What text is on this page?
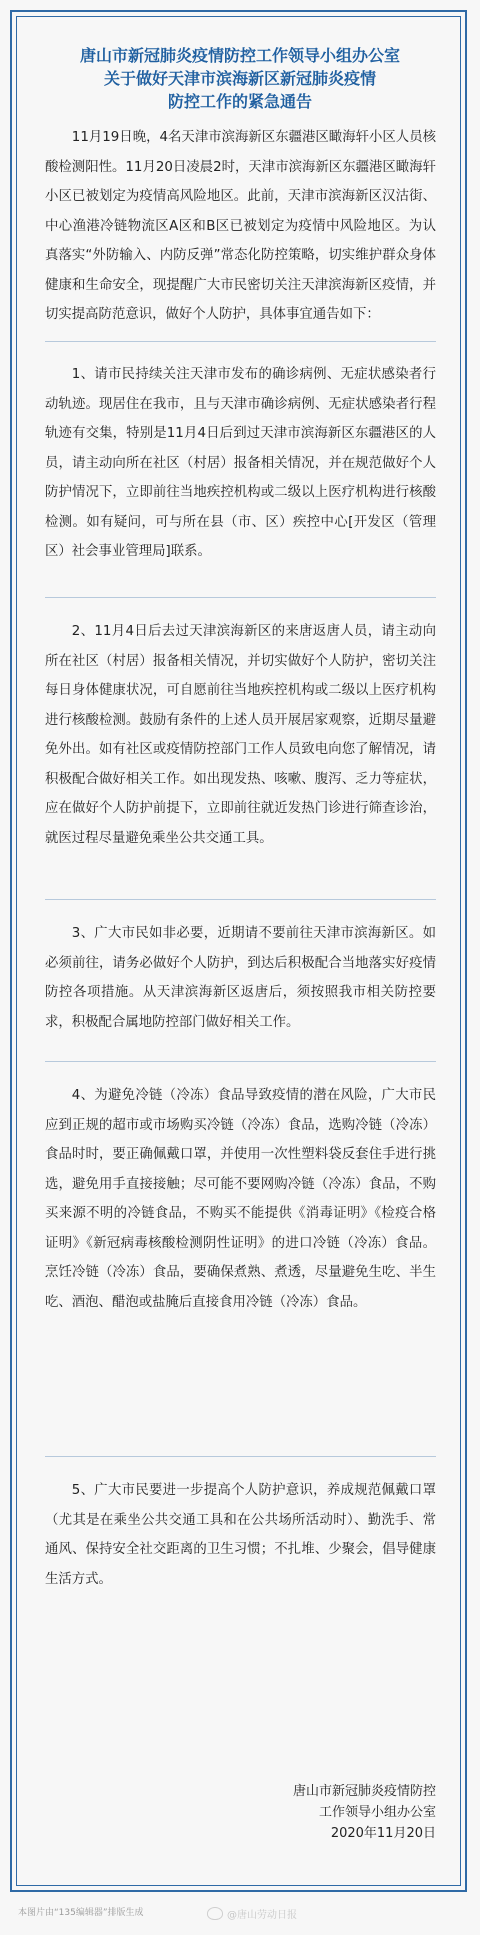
唐山市新冠肺炎疫情防控工作领导小组办公室
关于做好天津市滨海新区新冠肺炎疫情
防控工作的紧急通告
11月19日晚，4名天津市滨海新区东疆港区瞰海轩小区人员核酸检测阳性。11月20日凌晨2时，天津市滨海新区东疆港区瞰海轩小区已被划定为疫情高风险地区。此前，天津市滨海新区汉沽街、中心渔港冷链物流区A区和B区已被划定为疫情中风险地区。为认真落实“外防输入、内防反弹”常态化防控策略，切实维护群众身体健康和生命安全，现提醒广大市民密切关注天津滨海新区疫情，并切实提高防范意识，做好个人防护，具体事宜通告如下：
1、请市民持续关注天津市发布的确诊病例、无症状感染者行动轨迹。现居住在我市，且与天津市确诊病例、无症状感染者行程轨迹有交集，特别是11月4日后到过天津市滨海新区东疆港区的人员，请主动向所在社区（村居）报备相关情况，并在规范做好个人防护情况下，立即前往当地疾控机构或二级以上医疗机构进行核酸检测。如有疑问，可与所在县（市、区）疾控中心[开发区（管理区）社会事业管理局]联系。
2、11月4日后去过天津滨海新区的来唐返唐人员，请主动向所在社区（村居）报备相关情况，并切实做好个人防护，密切关注每日身体健康状况，可自愿前往当地疾控机构或二级以上医疗机构进行核酸检测。鼓励有条件的上述人员开展居家观察，近期尽量避免外出。如有社区或疫情防控部门工作人员致电向您了解情况，请积极配合做好相关工作。如出现发热、咳嗽、腹泻、乏力等症状，应在做好个人防护前提下，立即前往就近发热门诊进行筛查诊治，就医过程尽量避免乘坐公共交通工具。
3、广大市民如非必要，近期请不要前往天津市滨海新区。如必须前往，请务必做好个人防护，到达后积极配合当地落实好疫情防控各项措施。从天津滨海新区返唐后，须按照我市相关防控要求，积极配合属地防控部门做好相关工作。
4、为避免冷链（冷冻）食品导致疫情的潜在风险，广大市民应到正规的超市或市场购买冷链（冷冻）食品，选购冷链（冷冻）食品时时，要正确佩戴口罩，并使用一次性塑料袋反套住手进行挑选，避免用手直接接触；尽可能不要网购冷链（冷冻）食品，不购买来源不明的冷链食品，不购买不能提供《消毒证明》《检疫合格证明》《新冠病毒核酸检测阴性证明》的进口冷链（冷冻）食品。烹饪冷链（冷冻）食品，要确保煮熟、煮透，尽量避免生吃、半生吃、酒泡、醋泡或盐腌后直接食用冷链（冷冻）食品。
5、广大市民要进一步提高个人防护意识，养成规范佩戴口罩（尤其是在乘坐公共交通工具和在公共场所活动时）、勤洗手、常通风、保持安全社交距离的卫生习惯；不扎堆、少聚会，倡导健康生活方式。
唐山市新冠肺炎疫情防控
工作领导小组办公室
2020年11月20日
本图片由“135编辑器”排版生成	@唐山劳动日报
